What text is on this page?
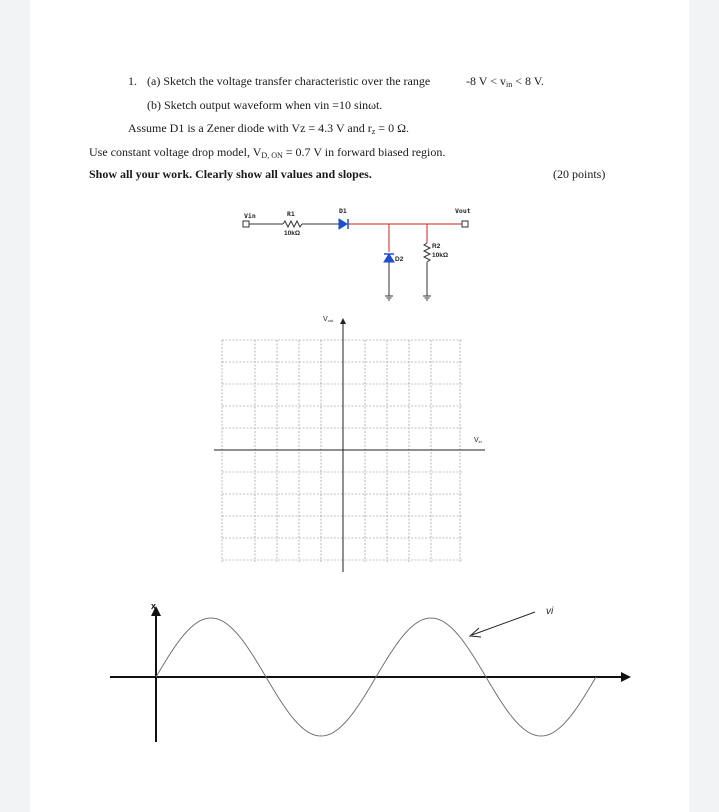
1. (a) Sketch the voltage transfer characteristic over the range	-8 $V < v_{in} < 8$ V.
(b) Sketch output waveform when vin =10 sinωt.
Assume D1 is a Zener diode with Vz = 4.3 V and $r_z = 0$ Ω.
Use constant voltage drop model, $V_{D, ON} = 0.7$ V in forward biased region.
Show all your work. Clearly show all values and slopes.	(20 points)
Vin	R1
10kΩ
D1	Vout
D2
R2
10kΩ
Vout
Vin
x	vi
